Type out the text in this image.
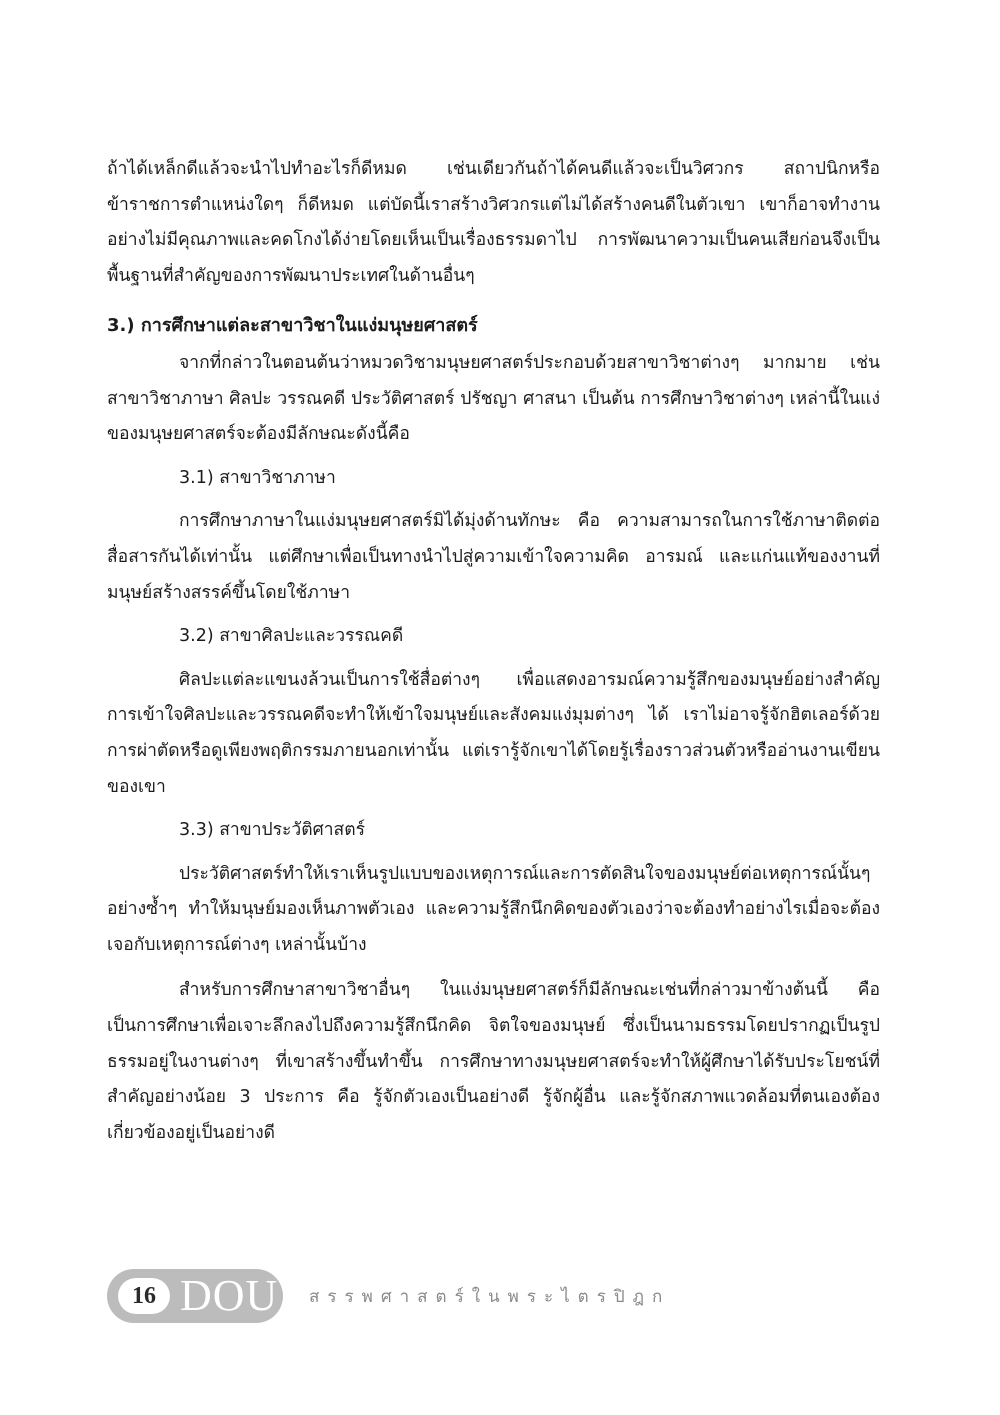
ถ้าได้เหล็กดีแล้วจะนำไปทำอะไรก็ดีหมด เช่นเดียวกันถ้าได้คนดีแล้วจะเป็นวิศวกร สถาปนิกหรือข้าราชการตำแหน่งใดๆ ก็ดีหมด แต่บัดนี้เราสร้างวิศวกรแต่ไม่ได้สร้างคนดีในตัวเขา เขาก็อาจทำงานอย่างไม่มีคุณภาพและคดโกงได้ง่ายโดยเห็นเป็นเรื่องธรรมดาไป การพัฒนาความเป็นคนเสียก่อนจึงเป็นพื้นฐานที่สำคัญของการพัฒนาประเทศในด้านอื่นๆ

3.) การศึกษาแต่ละสาขาวิชาในแง่มนุษยศาสตร์

จากที่กล่าวในตอนต้นว่าหมวดวิชามนุษยศาสตร์ประกอบด้วยสาขาวิชาต่างๆ มากมาย เช่น สาขาวิชาภาษา ศิลปะ วรรณคดี ประวัติศาสตร์ ปรัชญา ศาสนา เป็นต้น การศึกษาวิชาต่างๆ เหล่านี้ในแง่ของมนุษยศาสตร์จะต้องมีลักษณะดังนี้คือ

3.1) สาขาวิชาภาษา

การศึกษาภาษาในแง่มนุษยศาสตร์มิได้มุ่งด้านทักษะ คือ ความสามารถในการใช้ภาษาติดต่อสื่อสารกันได้เท่านั้น แต่ศึกษาเพื่อเป็นทางนำไปสู่ความเข้าใจความคิด อารมณ์ และแก่นแท้ของงานที่มนุษย์สร้างสรรค์ขึ้นโดยใช้ภาษา

3.2) สาขาศิลปะและวรรณคดี

ศิลปะแต่ละแขนงล้วนเป็นการใช้สื่อต่างๆ เพื่อแสดงอารมณ์ความรู้สึกของมนุษย์อย่างสำคัญ การเข้าใจศิลปะและวรรณคดีจะทำให้เข้าใจมนุษย์และสังคมแง่มุมต่างๆ ได้ เราไม่อาจรู้จักฮิตเลอร์ด้วยการผ่าตัดหรือดูเพียงพฤติกรรมภายนอกเท่านั้น แต่เรารู้จักเขาได้โดยรู้เรื่องราวส่วนตัวหรืออ่านงานเขียนของเขา

3.3) สาขาประวัติศาสตร์

ประวัติศาสตร์ทำให้เราเห็นรูปแบบของเหตุการณ์และการตัดสินใจของมนุษย์ต่อเหตุการณ์นั้นๆ อย่างซ้ำๆ ทำให้มนุษย์มองเห็นภาพตัวเอง และความรู้สึกนึกคิดของตัวเองว่าจะต้องทำอย่างไรเมื่อจะต้องเจอกับเหตุการณ์ต่างๆ เหล่านั้นบ้าง

สำหรับการศึกษาสาขาวิชาอื่นๆ ในแง่มนุษยศาสตร์ก็มีลักษณะเช่นที่กล่าวมาข้างต้นนี้ คือ เป็นการศึกษาเพื่อเจาะลึกลงไปถึงความรู้สึกนึกคิด จิตใจของมนุษย์ ซึ่งเป็นนามธรรมโดยปรากฏเป็นรูปธรรมอยู่ในงานต่างๆ ที่เขาสร้างขึ้นทำขึ้น การศึกษาทางมนุษยศาสตร์จะทำให้ผู้ศึกษาได้รับประโยชน์ที่สำคัญอย่างน้อย 3 ประการ คือ รู้จักตัวเองเป็นอย่างดี รู้จักผู้อื่น และรู้จักสภาพแวดล้อมที่ตนเองต้องเกี่ยวข้องอยู่เป็นอย่างดี

16 DOU สรรพศาสตร์ในพระไตรปิฎก
